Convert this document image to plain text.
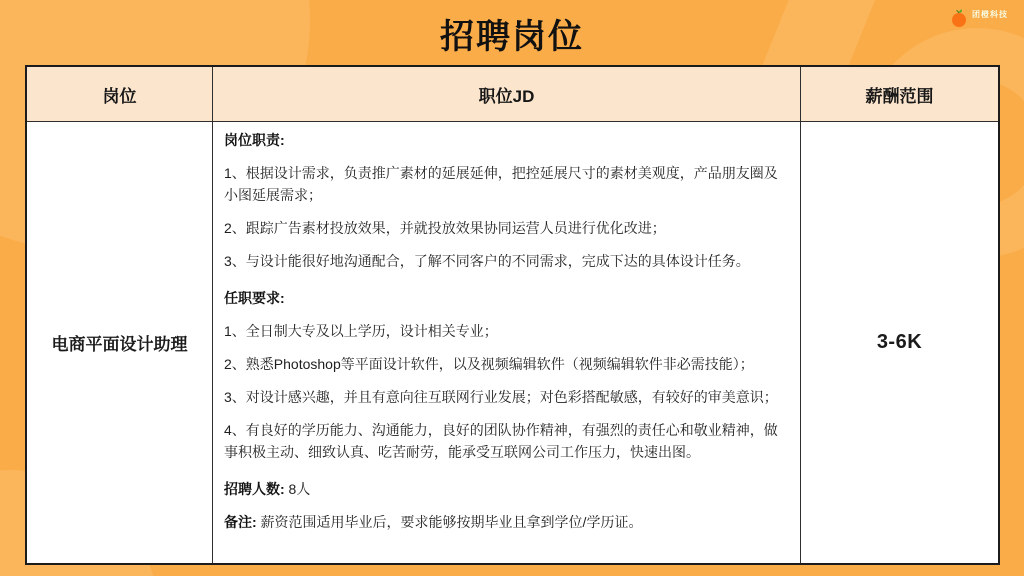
招聘岗位
团橙科技
· · · ·
岗位	职位JD	薪酬范围
电商平面设计助理

岗位职责:

1、根据设计需求，负责推广素材的延展延伸，把控延展尺寸的素材美观度，产品朋友圈及小图延展需求；

2、跟踪广告素材投放效果，并就投放效果协同运营人员进行优化改进；

3、与设计能很好地沟通配合，了解不同客户的不同需求，完成下达的具体设计任务。

任职要求:

1、全日制大专及以上学历，设计相关专业；

2、熟悉Photoshop等平面设计软件，以及视频编辑软件（视频编辑软件非必需技能）；

3、对设计感兴趣，并且有意向往互联网行业发展；对色彩搭配敏感，有较好的审美意识；

4、有良好的学历能力、沟通能力，良好的团队协作精神，有强烈的责任心和敬业精神，做事积极主动、细致认真、吃苦耐劳，能承受互联网公司工作压力，快速出图。

招聘人数: 8人

备注: 薪资范围适用毕业后，要求能够按期毕业且拿到学位/学历证。

3-6K
